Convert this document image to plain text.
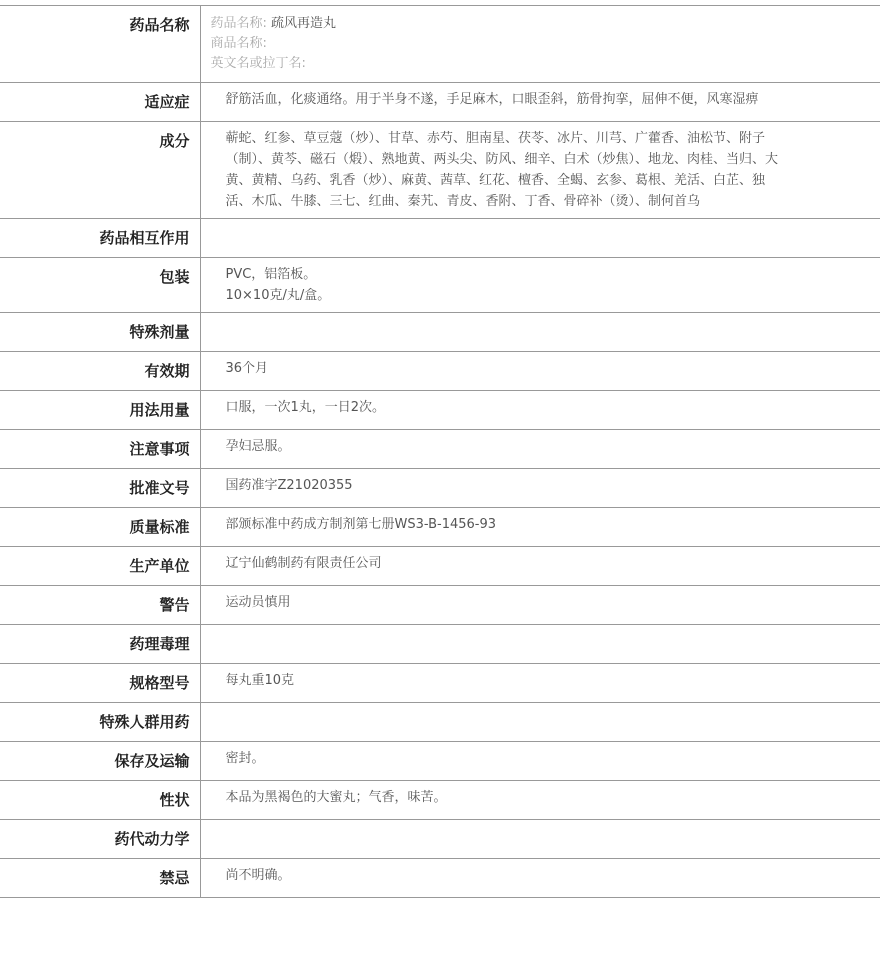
药品名称	药品名称: 疏风再造丸
商品名称:
英文名或拉丁名:

适应症	舒筋活血，化痰通络。用于半身不遂，手足麻木，口眼歪斜，筋骨拘挛，屈伸不便，风寒湿痹
成分	蕲蛇、红参、草豆蔻（炒）、甘草、赤芍、胆南星、茯苓、冰片、川芎、广藿香、油松节、附子（制）、黄芩、磁石（煅）、熟地黄、两头尖、防风、细辛、白术（炒焦）、地龙、肉桂、当归、大黄、黄精、乌药、乳香（炒）、麻黄、茜草、红花、檀香、全蝎、玄参、葛根、羌活、白芷、独活、木瓜、牛膝、三七、红曲、秦艽、青皮、香附、丁香、骨碎补（烫）、制何首乌
药品相互作用	
包装	PVC，铝箔板。
10×10克/丸/盒。

特殊剂量	
有效期	36个月
用法用量	口服，一次1丸，一日2次。
注意事项	孕妇忌服。
批准文号	国药准字Z21020355
质量标准	部颁标准中药成方制剂第七册WS3-B-1456-93
生产单位	辽宁仙鹤制药有限责任公司
警告	运动员慎用
药理毒理	
规格型号	每丸重10克
特殊人群用药	
保存及运输	密封。
性状	本品为黑褐色的大蜜丸；气香，味苦。
药代动力学	
禁忌	尚不明确。
